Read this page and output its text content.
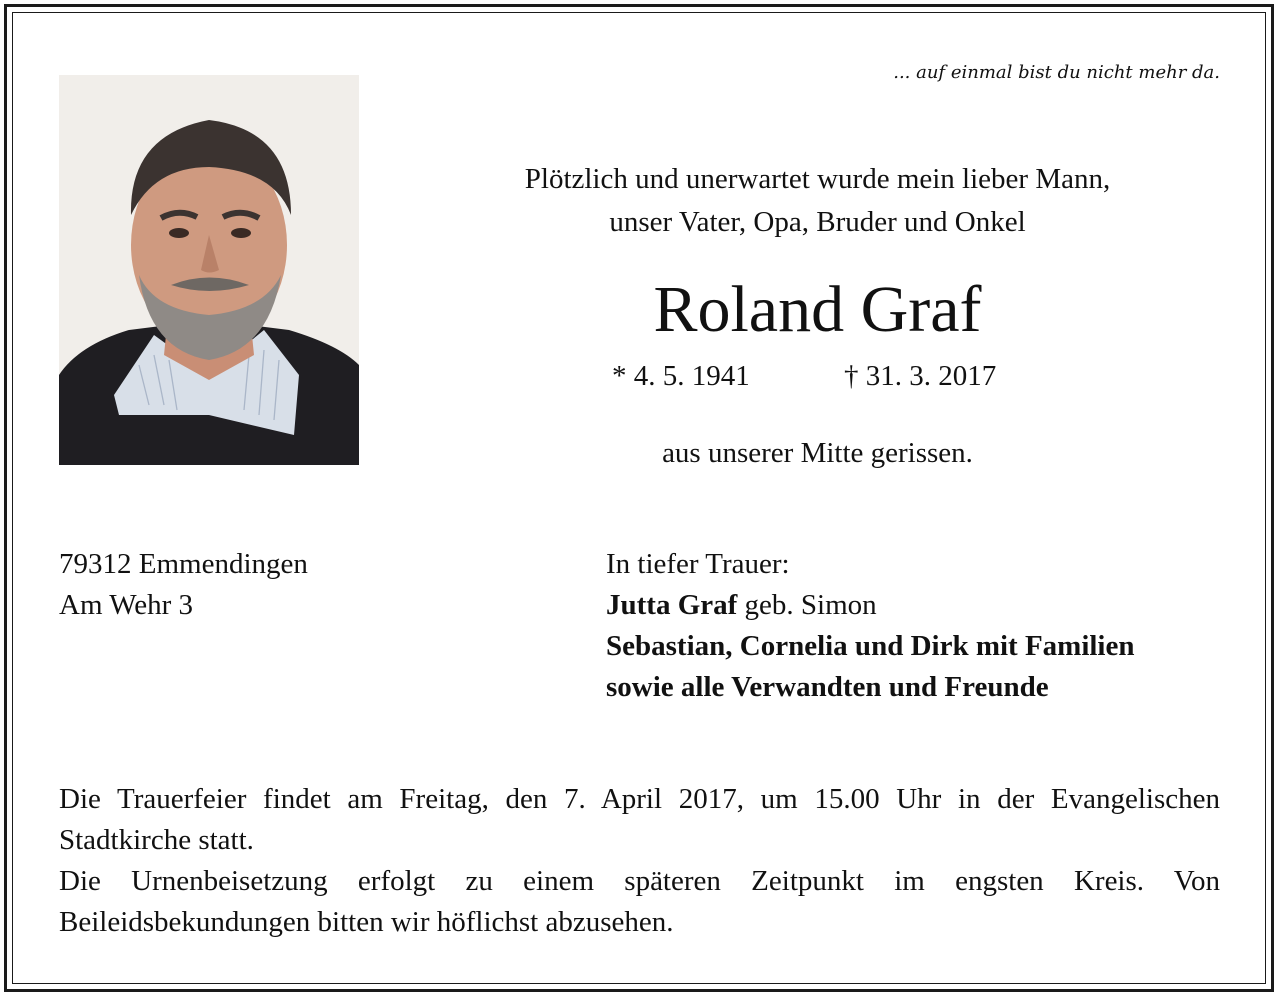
... auf einmal bist du nicht mehr da.
Plötzlich und unerwartet wurde mein lieber Mann,
unser Vater, Opa, Bruder und Onkel
Roland Graf
* 4. 5. 1941	† 31. 3. 2017
aus unserer Mitte gerissen.
79312 Emmendingen
Am Wehr 3
In tiefer Trauer:
Jutta Graf geb. Simon
Sebastian, Cornelia und Dirk mit Familien
sowie alle Verwandten und Freunde

Die Trauerfeier findet am Freitag, den 7. April 2017, um 15.00 Uhr in der Evangelischen Stadtkirche statt.

Die Urnenbeisetzung erfolgt zu einem späteren Zeitpunkt im engsten Kreis. Von Beileidsbekundungen bitten wir höflichst abzusehen.
